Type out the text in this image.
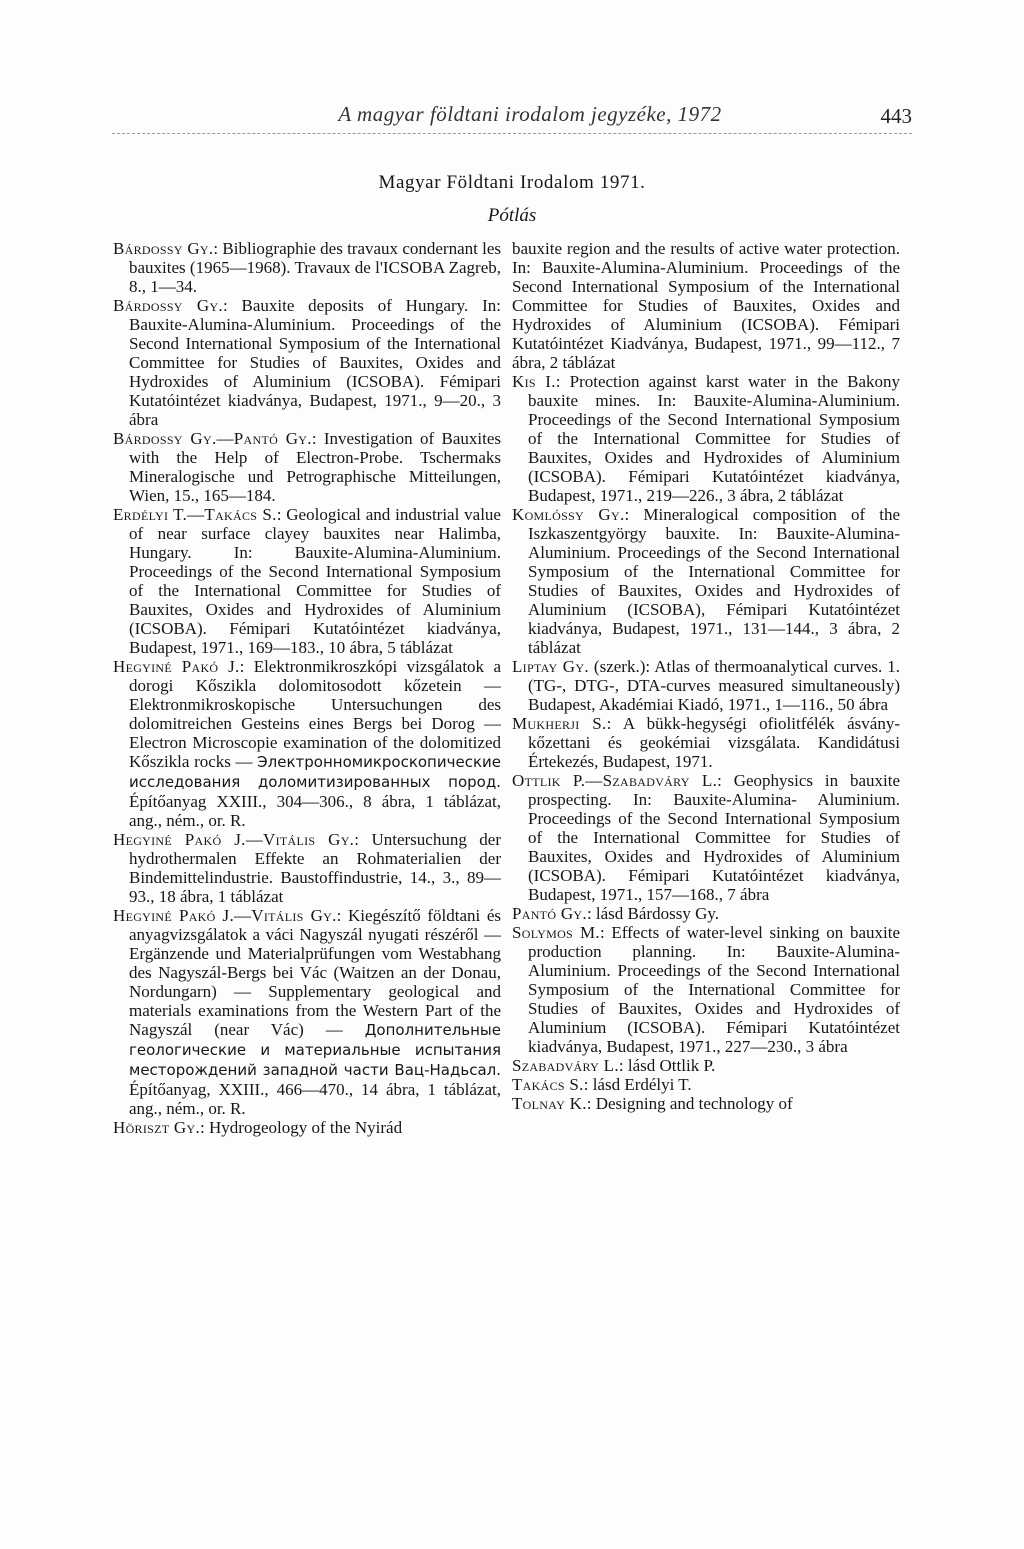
A magyar földtani irodalom jegyzéke, 1972	443
Magyar Földtani Irodalom 1971.
Pótlás

Bárdossy Gy.: Bibliographie des travaux condernant les bauxites (1965—1968). Travaux de l'ICSOBA Zagreb, 8., 1—34.

Bárdossy Gy.: Bauxite deposits of Hungary. In: Bauxite-Alumina-Aluminium. Proceedings of the Second International Symposium of the International Committee for Studies of Bauxites, Oxides and Hydroxides of Aluminium (ICSOBA). Fémipari Kutatóintézet kiadványa, Budapest, 1971., 9—20., 3 ábra

Bárdossy Gy.—Pantó Gy.: Investigation of Bauxites with the Help of Electron-Probe. Tschermaks Mineralogische und Petrographische Mitteilungen, Wien, 15., 165—184.

Erdélyi T.—Takács S.: Geological and industrial value of near surface clayey bauxites near Halimba, Hungary. In: Bauxite-Alumina-Aluminium. Proceedings of the Second International Symposium of the International Committee for Studies of Bauxites, Oxides and Hydroxides of Aluminium (ICSOBA). Fémipari Kutatóintézet kiadványa, Budapest, 1971., 169—183., 10 ábra, 5 táblázat

Hegyiné Pakó J.: Elektronmikroszkópi vizsgálatok a dorogi Kőszikla dolomitosodott kőzetein — Elektronmikroskopische Untersuchungen des dolomitreichen Gesteins eines Bergs bei Dorog — Electron Microscopie examination of the dolomitized Kőszikla rocks — Электронномикроскопические исследования доломитизированных пород. Építőanyag XXIII., 304—306., 8 ábra, 1 táblázat, ang., ném., or. R.

Hegyiné Pakó J.—Vitális Gy.: Untersuchung der hydrothermalen Effekte an Rohmaterialien der Bindemittelindustrie. Baustoffindustrie, 14., 3., 89—93., 18 ábra, 1 táblázat

Hegyiné Pakó J.—Vitális Gy.: Kiegészítő földtani és anyagvizsgálatok a váci Nagyszál nyugati részéről — Ergänzende und Materialprüfungen vom Westabhang des Nagyszál-Bergs bei Vác (Waitzen an der Donau, Nordungarn) — Supplementary geological and materials examinations from the Western Part of the Nagyszál (near Vác) — Дополнительные геологические и материальные испытания месторождений западной части Вац-Надьсал. Építőanyag, XXIII., 466—470., 14 ábra, 1 táblázat, ang., ném., or. R.

Höriszt Gy.: Hydrogeology of the Nyirád

bauxite region and the results of active water protection. In: Bauxite-Alumina-Aluminium. Proceedings of the Second International Symposium of the International Committee for Studies of Bauxites, Oxides and Hydroxides of Aluminium (ICSOBA). Fémipari Kutatóintézet Kiadványa, Budapest, 1971., 99—112., 7 ábra, 2 táblázat

Kis I.: Protection against karst water in the Bakony bauxite mines. In: Bauxite-Alumina-Aluminium. Proceedings of the Second International Symposium of the International Committee for Studies of Bauxites, Oxides and Hydroxides of Aluminium (ICSOBA). Fémipari Kutatóintézet kiadványa, Budapest, 1971., 219—226., 3 ábra, 2 táblázat

Komlóssy Gy.: Mineralogical composition of the Iszkaszentgyörgy bauxite. In: Bauxite-Alumina-Aluminium. Proceedings of the Second International Symposium of the International Committee for Studies of Bauxites, Oxides and Hydroxides of Aluminium (ICSOBA), Fémipari Kutatóintézet kiadványa, Budapest, 1971., 131—144., 3 ábra, 2 táblázat

Liptay Gy. (szerk.): Atlas of thermoanalytical curves. 1. (TG-, DTG-, DTA-curves measured simultaneously) Budapest, Akadémiai Kiadó, 1971., 1—116., 50 ábra

Mukherji S.: A bükk-hegységi ofiolitfélék ásvány-kőzettani és geokémiai vizsgálata. Kandidátusi Értekezés, Budapest, 1971.

Ottlik P.—Szabadváry L.: Geophysics in bauxite prospecting. In: Bauxite-Alumina- Aluminium. Proceedings of the Second International Symposium of the International Committee for Studies of Bauxites, Oxides and Hydroxides of Aluminium (ICSOBA). Fémipari Kutatóintézet kiadványa, Budapest, 1971., 157—168., 7 ábra

Pantó Gy.: lásd Bárdossy Gy.

Solymos M.: Effects of water-level sinking on bauxite production planning. In: Bauxite-Alumina-Aluminium. Proceedings of the Second International Symposium of the International Committee for Studies of Bauxites, Oxides and Hydroxides of Aluminium (ICSOBA). Fémipari Kutatóintézet kiadványa, Budapest, 1971., 227—230., 3 ábra

Szabadváry L.: lásd Ottlik P.

Takács S.: lásd Erdélyi T.

Tolnay K.: Designing and technology of
